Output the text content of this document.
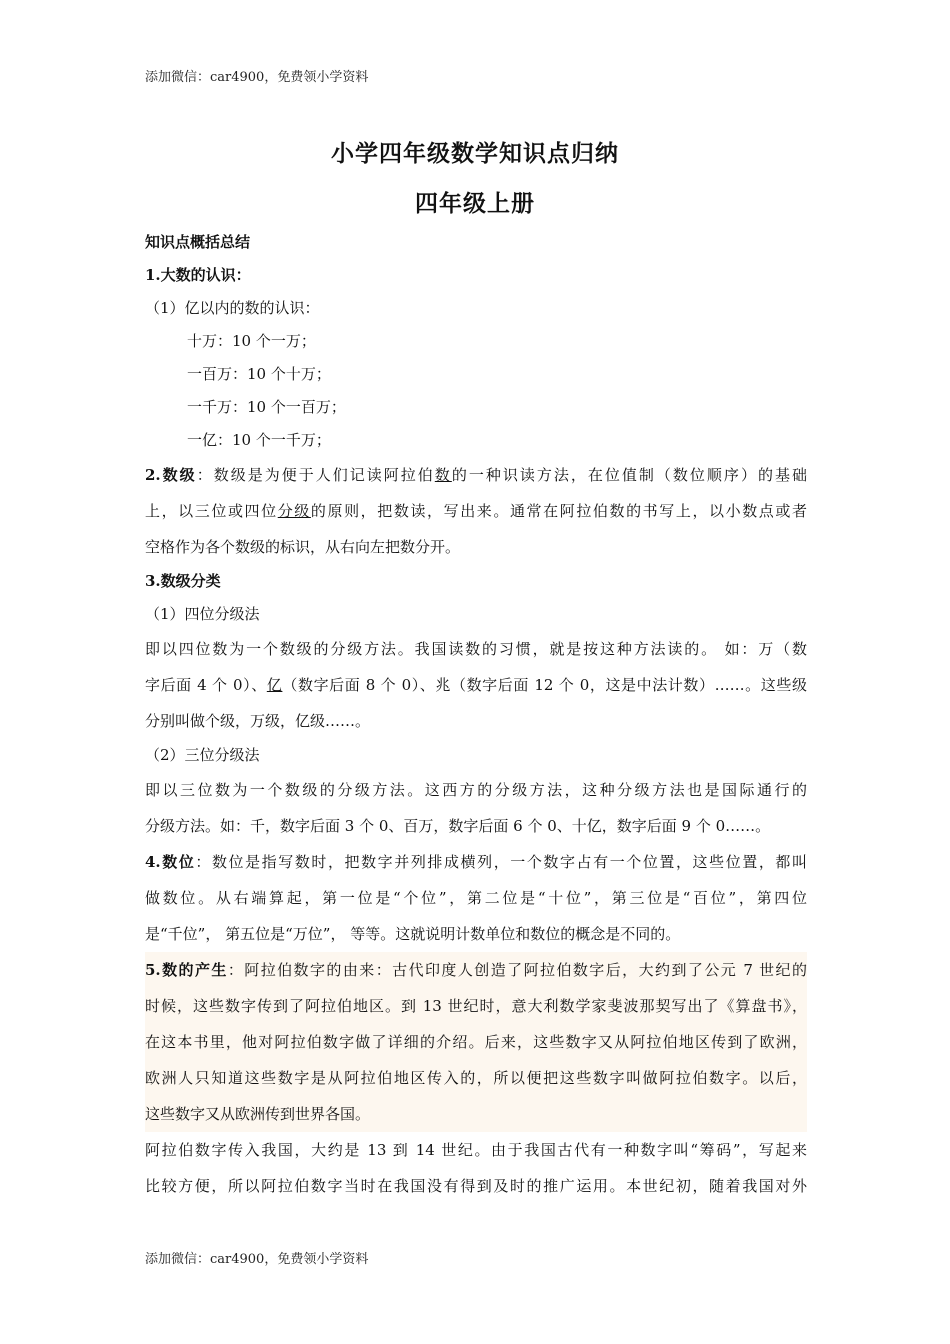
添加微信：car4900，免费领小学资料
小学四年级数学知识点归纳
四年级上册
知识点概括总结
1.大数的认识：
（1）亿以内的数的认识：
十万：10 个一万；
一百万：10 个十万；
一千万：10 个一百万；
一亿：10 个一千万；
2.数级：数级是为便于人们记读阿拉伯数的一种识读方法，在位值制（数位顺序）的基础
上，以三位或四位分级的原则，把数读，写出来。通常在阿拉伯数的书写上，以小数点或者
空格作为各个数级的标识，从右向左把数分开。
3.数级分类
（1）四位分级法
即以四位数为一个数级的分级方法。我国读数的习惯，就是按这种方法读的。 如：万（数
字后面 4 个 0）、亿（数字后面 8 个 0）、兆（数字后面 12 个 0，这是中法计数）……。这些级
分别叫做个级，万级，亿级……。
（2）三位分级法
即以三位数为一个数级的分级方法。这西方的分级方法，这种分级方法也是国际通行的
分级方法。如：千，数字后面 3 个 0、百万，数字后面 6 个 0、十亿，数字后面 9 个 0……。
4.数位：数位是指写数时，把数字并列排成横列，一个数字占有一个位置，这些位置，都叫
做数位。从右端算起，第一位是“个位”，第二位是“十位”，第三位是“百位”，第四位
是“千位”， 第五位是“万位”， 等等。这就说明计数单位和数位的概念是不同的。
5.数的产生：阿拉伯数字的由来：古代印度人创造了阿拉伯数字后，大约到了公元 7 世纪的
时候，这些数字传到了阿拉伯地区。到 13 世纪时，意大利数学家斐波那契写出了《算盘书》，
在这本书里，他对阿拉伯数字做了详细的介绍。后来，这些数字又从阿拉伯地区传到了欧洲，
欧洲人只知道这些数字是从阿拉伯地区传入的，所以便把这些数字叫做阿拉伯数字。以后，
这些数字又从欧洲传到世界各国。
阿拉伯数字传入我国，大约是 13 到 14 世纪。由于我国古代有一种数字叫“筹码”，写起来
比较方便，所以阿拉伯数字当时在我国没有得到及时的推广运用。本世纪初，随着我国对外
添加微信：car4900，免费领小学资料
